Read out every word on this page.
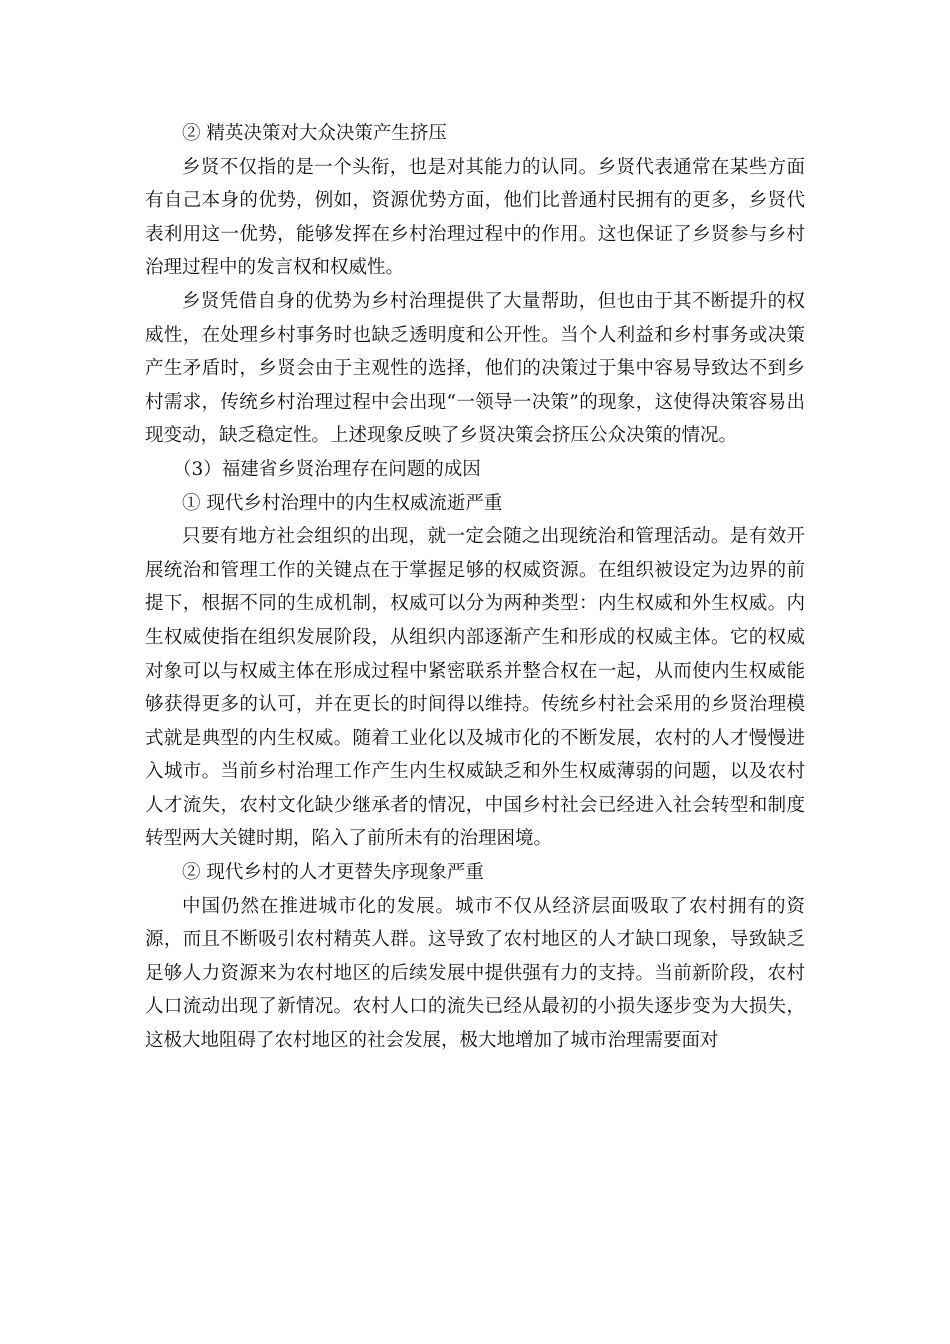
② 精英决策对大众决策产生挤压

乡贤不仅指的是一个头衔，也是对其能力的认同。乡贤代表通常在某些方面有自己本身的优势，例如，资源优势方面，他们比普通村民拥有的更多，乡贤代表利用这一优势，能够发挥在乡村治理过程中的作用。这也保证了乡贤参与乡村治理过程中的发言权和权威性。

乡贤凭借自身的优势为乡村治理提供了大量帮助，但也由于其不断提升的权威性，在处理乡村事务时也缺乏透明度和公开性。当个人利益和乡村事务或决策产生矛盾时，乡贤会由于主观性的选择，他们的决策过于集中容易导致达不到乡村需求，传统乡村治理过程中会出现“一领导一决策”的现象，这使得决策容易出现变动，缺乏稳定性。上述现象反映了乡贤决策会挤压公众决策的情况。

（3）福建省乡贤治理存在问题的成因

① 现代乡村治理中的内生权威流逝严重

只要有地方社会组织的出现，就一定会随之出现统治和管理活动。是有效开展统治和管理工作的关键点在于掌握足够的权威资源。在组织被设定为边界的前提下，根据不同的生成机制，权威可以分为两种类型：内生权威和外生权威。内生权威使指在组织发展阶段，从组织内部逐渐产生和形成的权威主体。它的权威对象可以与权威主体在形成过程中紧密联系并整合权在一起，从而使内生权威能够获得更多的认可，并在更长的时间得以维持。传统乡村社会采用的乡贤治理模式就是典型的内生权威。随着工业化以及城市化的不断发展，农村的人才慢慢进入城市。当前乡村治理工作产生内生权威缺乏和外生权威薄弱的问题，以及农村人才流失，农村文化缺少继承者的情况，中国乡村社会已经进入社会转型和制度转型两大关键时期，陷入了前所未有的治理困境。

② 现代乡村的人才更替失序现象严重

中国仍然在推进城市化的发展。城市不仅从经济层面吸取了农村拥有的资源，而且不断吸引农村精英人群。这导致了农村地区的人才缺口现象，导致缺乏足够人力资源来为农村地区的后续发展中提供强有力的支持。当前新阶段，农村人口流动出现了新情况。农村人口的流失已经从最初的小损失逐步变为大损失，这极大地阻碍了农村地区的社会发展，极大地增加了城市治理需要面对
